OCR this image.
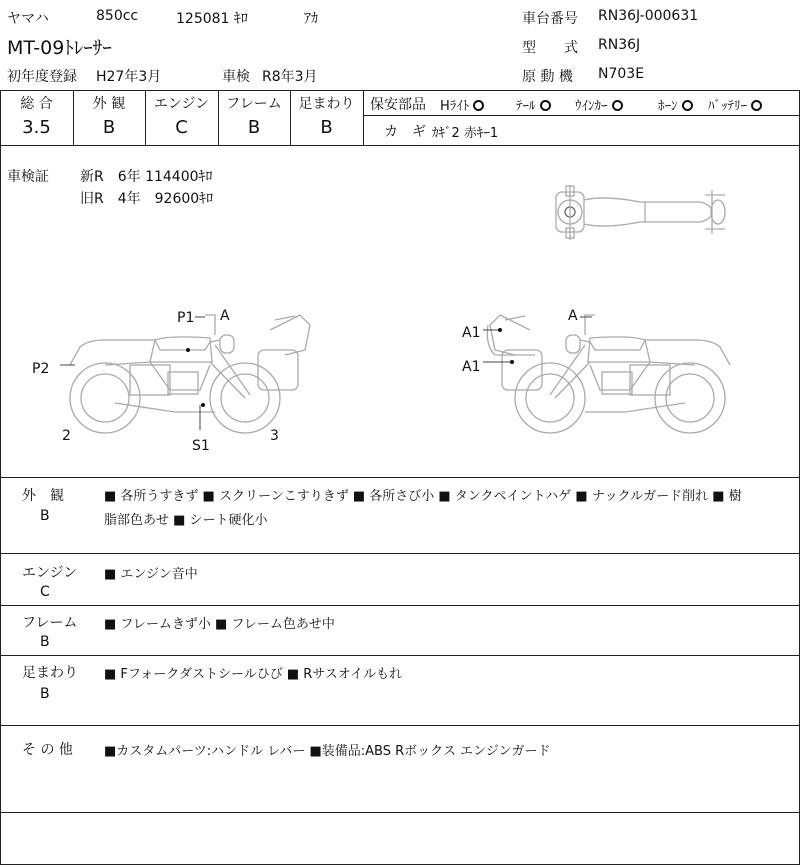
ヤマハ	850cc	125081 ｷﾛ	ｱｶ
MT-09ﾄﾚｰｻｰ
初年度登録 H27年3月	車検 R8年3月
車台番号 RN36J-000631
型　　式 RN36J
原 動 機 N703E
総 合	外 観	エンジン	フレーム	足まわり
3.5	B	C	B	B
保安部品 Hﾗｲﾄ	ﾃｰﾙ	ｳｲﾝｶｰ	ﾎｰﾝ	ﾊﾞｯﾃﾘｰ
カ　ギ ｶｷﾞ2 赤ｷｰ1
車検証 新R　6年 114400ｷﾛ
旧R　4年　92600ｷﾛ
P1 A
P2
2
S1
3
A1
A1
A
外　観
B
■ 各所うすきず ■ スクリーンこすりきず ■ 各所さび小 ■ タンクペイントハゲ ■ ナックルガード削れ ■ 樹
脂部色あせ ■ シート硬化小
エンジン
C
■ エンジン音中
フレーム
B
■ フレームきず小 ■ フレーム色あせ中
足まわり
B
■ Fフォークダストシールひび ■ Rサスオイルもれ
そ の 他 ■カスタムパーツ:ハンドル レバー ■装備品:ABS Rボックス エンジンガード
